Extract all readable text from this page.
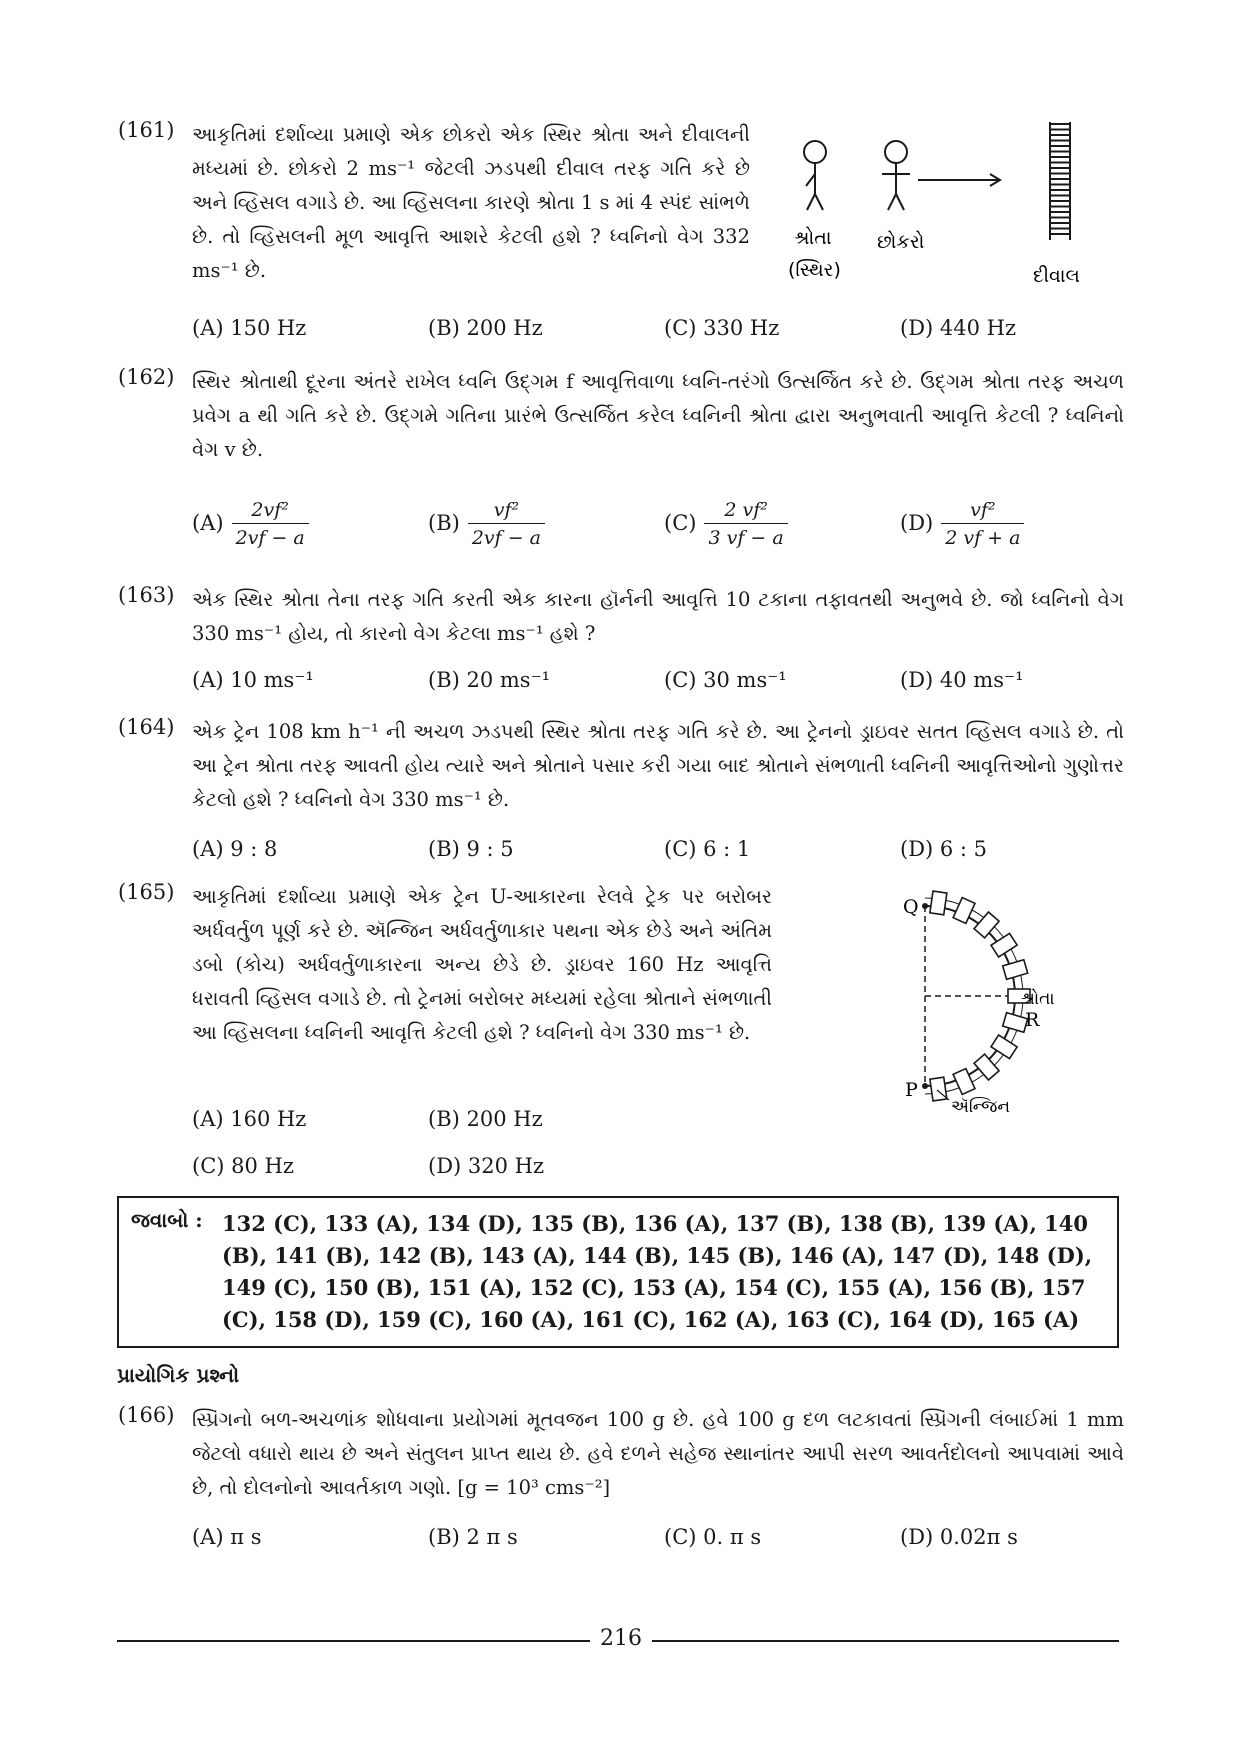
(161) આકૃતિમાં દર્શાવ્યા પ્રમાણે એક છોકરો એક સ્થિર શ્રોતા અને દીવાલની મધ્યમાં છે. છોકરો 2 ms⁻¹ જેટલી ઝડપથી દીવાલ તરફ ગતિ કરે છે અને વ્હિસલ વગાડે છે. આ વ્હિસલના કારણે શ્રોતા 1 s માં 4 સ્પંદ સાંભળે છે. તો વ્હિસલની મૂળ આવૃત્તિ આશરે કેટલી હશે ? ધ્વનિનો વેગ 332 ms⁻¹ છે.
શ્રોતા
(સ્થિર)
છોકરો
દીવાલ
(A) 150 Hz	(B) 200 Hz	(C) 330 Hz	(D) 440 Hz
(162) સ્થિર શ્રોતાથી દૂરના અંતરે રાખેલ ધ્વનિ ઉદ્ગમ f આવૃત્તિવાળા ધ્વનિ-તરંગો ઉત્સર્જિત કરે છે. ઉદ્ગમ શ્રોતા તરફ અચળ પ્રવેગ a થી ગતિ કરે છે. ઉદ્ગમે ગતિના પ્રારંભે ઉત્સર્જિત કરેલ ધ્વનિની શ્રોતા દ્વારા અનુભવાતી આવૃત્તિ કેટલી ? ધ્વનિનો વેગ v છે.
$(A) \frac{\text{2vf²}}{2vf - a}$	$(B) \frac{\text{vf²}}{2vf - a}$	$(C) \frac{\text{2 vf²}}{3 vf - a}$	$(D) \frac{\text{vf²}}{2 vf + a}$
(163) એક સ્થિર શ્રોતા તેના તરફ ગતિ કરતી એક કારના હૉર્નની આવૃત્તિ 10 ટકાના તફાવતથી અનુભવે છે. જો ધ્વનિનો વેગ 330 ms⁻¹ હોય, તો કારનો વેગ કેટલા ms⁻¹ હશે ?
(A) 10 ms⁻¹	(B) 20 ms⁻¹	(C) 30 ms⁻¹	(D) 40 ms⁻¹
(164) એક ટ્રેન 108 km h⁻¹ ની અચળ ઝડપથી સ્થિર શ્રોતા તરફ ગતિ કરે છે. આ ટ્રેનનો ડ્રાઇવર સતત વ્હિસલ વગાડે છે. તો આ ટ્રેન શ્રોતા તરફ આવતી હોય ત્યારે અને શ્રોતાને પસાર કરી ગયા બાદ શ્રોતાને સંભળાતી ધ્વનિની આવૃત્તિઓનો ગુણોત્તર કેટલો હશે ? ધ્વનિનો વેગ 330 ms⁻¹ છે.
(A) 9 : 8	(B) 9 : 5	(C) 6 : 1	(D) 6 : 5
(165) આકૃતિમાં દર્શાવ્યા પ્રમાણે એક ટ્રેન U-આકારના રેલવે ટ્રેક પર બરોબર અર્ધવર્તુળ પૂર્ણ કરે છે. ઍન્જિન અર્ધવર્તુળાકાર પથના એક છેડે અને અંતિમ ડબો (કોચ) અર્ધવર્તુળાકારના અન્ય છેડે છે. ડ્રાઇવર 160 Hz આવૃત્તિ ધરાવતી વ્હિસલ વગાડે છે. તો ટ્રેનમાં બરોબર મધ્યમાં રહેલા શ્રોતાને સંભળાતી આ વ્હિસલના ધ્વનિની આવૃત્તિ કેટલી હશે ? ધ્વનિનો વેગ 330 ms⁻¹ છે.
Q
P
R
શ્રોતા
ઍન્જિન
(A) 160 Hz	(B) 200 Hz
(C) 80 Hz	(D) 320 Hz
જવાબો : 132 (C), 133 (A), 134 (D), 135 (B), 136 (A), 137 (B), 138 (B), 139 (A), 140 (B), 141 (B), 142 (B), 143 (A), 144 (B), 145 (B), 146 (A), 147 (D), 148 (D), 149 (C), 150 (B), 151 (A), 152 (C), 153 (A), 154 (C), 155 (A), 156 (B), 157 (C), 158 (D), 159 (C), 160 (A), 161 (C), 162 (A), 163 (C), 164 (D), 165 (A)
પ્રાયોગિક પ્રશ્નો
(166) સ્પ્રિંગનો બળ-અચળાંક શોધવાના પ્રયોગમાં મૂતવજન 100 g છે. હવે 100 g દળ લટકાવતાં સ્પ્રિંગની લંબાઈમાં 1 mm જેટલો વધારો થાય છે અને સંતુલન પ્રાપ્ત થાય છે. હવે દળને સહેજ સ્થાનાંતર આપી સરળ આવર્તદોલનો આપવામાં આવે છે, તો દોલનોનો આવર્તકાળ ગણો. [g = 10³ cms⁻²]
(A) π s	(B) 2 π s	(C) 0. π s	(D) 0.02π s
216
